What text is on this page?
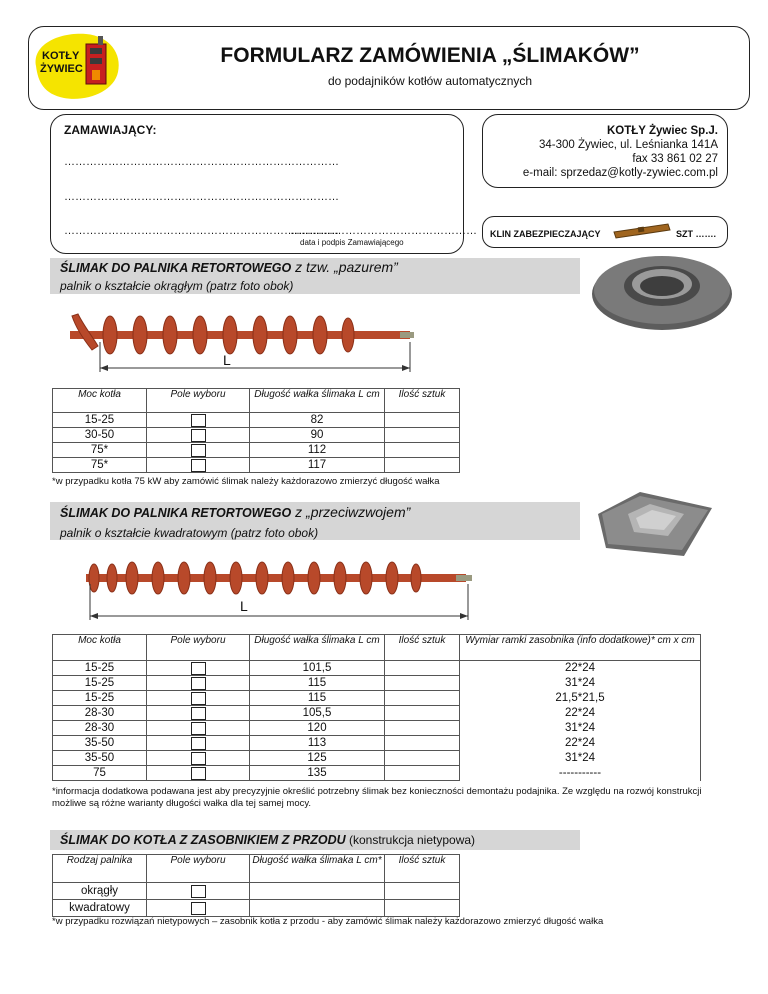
KOTŁY
ŻYWIEC
FORMULARZ ZAMÓWIENIA „ŚLIMAKÓW”
do podajników kotłów automatycznych
ZAMAWIAJĄCY:
…………………………………………………………………
…………………………………………………………………
…………………………………………………………………
……………………………………………
data i podpis Zamawiającego
KOTŁY Żywiec Sp.J.
34-300 Żywiec, ul. Leśnianka 141A
fax 33 861 02 27
e-mail: sprzedaz@kotly-zywiec.com.pl
KLIN ZABEZPIECZAJĄCY	SZT …….
ŚLIMAK DO PALNIKA RETORTOWEGO z tzw. „pazurem”
palnik o kształcie okrągłym (patrz foto obok)
L
Moc kotła	Pole wyboru	Długość wałka ślimaka L cm	Ilość sztuk
15-25		82	
30-50		90	
75*		112	
75*		117	
*w przypadku kotła 75 kW aby zamówić ślimak należy każdorazowo zmierzyć długość wałka
ŚLIMAK DO PALNIKA RETORTOWEGO z „przeciwzwojem”
palnik o kształcie kwadratowym (patrz foto obok)
L
Moc kotła	Pole wyboru	Długość wałka ślimaka L cm	Ilość sztuk	Wymiar ramki zasobnika (info dodatkowe)* cm x cm
15-25		101,5		22*24
15-25		115		31*24
15-25		115		21,5*21,5
28-30		105,5		22*24
28-30		120		31*24
35-50		113		22*24
35-50		125		31*24
75		135		-----------
*informacja dodatkowa podawana jest aby precyzyjnie określić potrzebny ślimak bez konieczności demontażu podajnika. Ze względu na rozwój konstrukcji możliwe są różne warianty długości wałka dla tej samej mocy.
ŚLIMAK DO KOTŁA Z ZASOBNIKIEM Z PRZODU (konstrukcja nietypowa)
Rodzaj palnika	Pole wyboru	Długość wałka ślimaka L cm*	Ilość sztuk
okrągły			
kwadratowy			
*w przypadku rozwiązań nietypowych – zasobnik kotła z przodu - aby zamówić ślimak należy każdorazowo zmierzyć długość wałka
